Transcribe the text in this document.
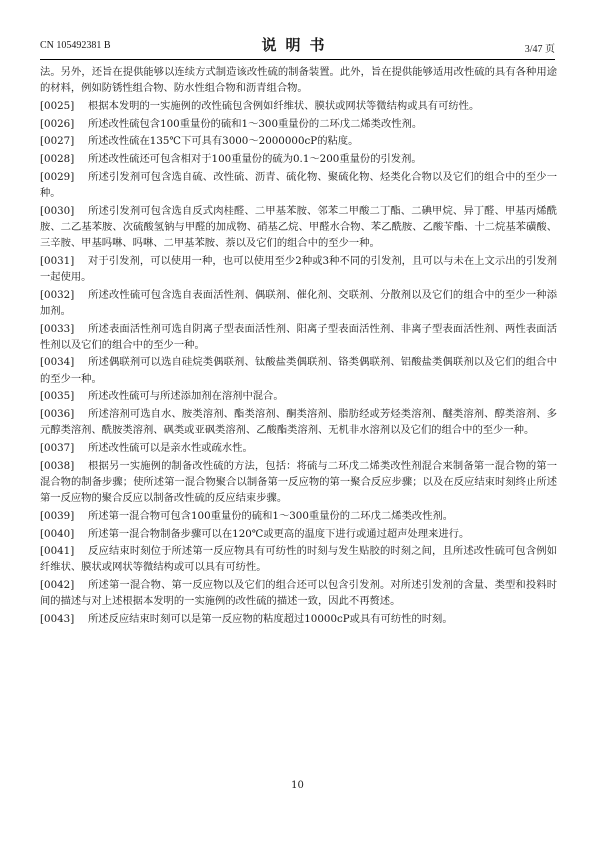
CN 105492381 B	说明书	3/47 页

法。另外，还旨在提供能够以连续方式制造该改性硫的制备装置。此外，旨在提供能够适用改性硫的具有各种用途的材料，例如防锈性组合物、防水性组合物和沥青组合物。

[0025] 根据本发明的一实施例的改性硫包含例如纤维状、膜状或网状等微结构或具有可纺性。

[0026] 所述改性硫包含100重量份的硫和1～300重量份的二环戊二烯类改性剂。

[0027] 所述改性硫在135℃下可具有3000～2000000cP的粘度。

[0028] 所述改性硫还可包含相对于100重量份的硫为0.1～200重量份的引发剂。

[0029] 所述引发剂可包含选自硫、改性硫、沥青、硫化物、聚硫化物、烃类化合物以及它们的组合中的至少一种。

[0030] 所述引发剂可包含选自反式肉桂醛、二甲基苯胺、邻苯二甲酸二丁酯、二碘甲烷、异丁醛、甲基丙烯酰胺、二乙基苯胺、次硫酸氢钠与甲醛的加成物、硝基乙烷、甲醛水合物、苯乙酰胺、乙酸苄酯、十二烷基苯磺酸、三辛胺、甲基吗啉、吗啉、二甲基苯胺、萘以及它们的组合中的至少一种。

[0031] 对于引发剂，可以使用一种，也可以使用至少2种或3种不同的引发剂，且可以与未在上文示出的引发剂一起使用。

[0032] 所述改性硫可包含选自表面活性剂、偶联剂、催化剂、交联剂、分散剂以及它们的组合中的至少一种添加剂。

[0033] 所述表面活性剂可选自阴离子型表面活性剂、阳离子型表面活性剂、非离子型表面活性剂、两性表面活性剂以及它们的组合中的至少一种。

[0034] 所述偶联剂可以选自硅烷类偶联剂、钛酸盐类偶联剂、铬类偶联剂、铝酸盐类偶联剂以及它们的组合中的至少一种。

[0035] 所述改性硫可与所述添加剂在溶剂中混合。

[0036] 所述溶剂可选自水、胺类溶剂、酯类溶剂、酮类溶剂、脂肪经或芳烃类溶剂、醚类溶剂、醇类溶剂、多元醇类溶剂、酰胺类溶剂、砜类或亚砜类溶剂、乙酸酯类溶剂、无机非水溶剂以及它们的组合中的至少一种。

[0037] 所述改性硫可以是亲水性或疏水性。

[0038] 根据另一实施例的制备改性硫的方法，包括：将硫与二环戊二烯类改性剂混合来制备第一混合物的第一混合物的制备步骤；使所述第一混合物聚合以制备第一反应物的第一聚合反应步骤；以及在反应结束时刻终止所述第一反应物的聚合反应以制备改性硫的反应结束步骤。

[0039] 所述第一混合物可包含100重量份的硫和1～300重量份的二环戊二烯类改性剂。

[0040] 所述第一混合物制备步骤可以在120℃或更高的温度下进行或通过超声处理来进行。

[0041] 反应结束时刻位于所述第一反应物具有可纺性的时刻与发生贴胶的时刻之间，且所述改性硫可包含例如纤维状、膜状或网状等微结构或可以具有可纺性。

[0042] 所述第一混合物、第一反应物以及它们的组合还可以包含引发剂。对所述引发剂的含量、类型和投料时间的描述与对上述根据本发明的一实施例的改性硫的描述一致，因此不再赘述。

[0043] 所述反应结束时刻可以是第一反应物的粘度超过10000cP或具有可纺性的时刻。

10
